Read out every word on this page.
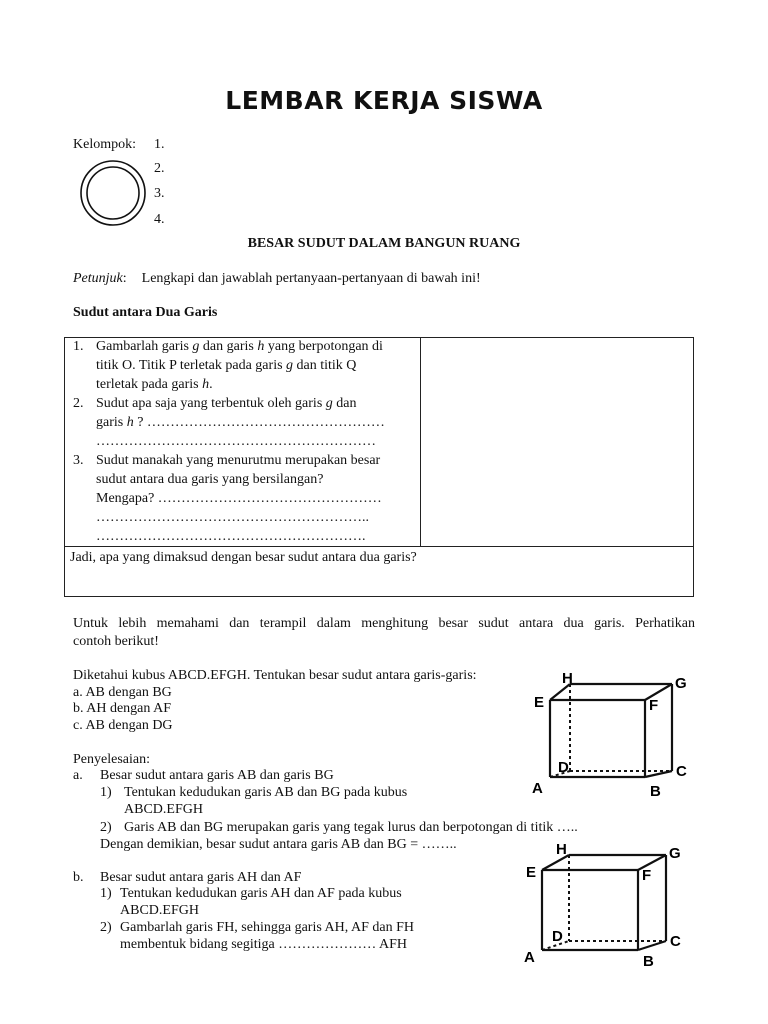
LEMBAR KERJA SISWA
Kelompok: 1.
2.
3.
4.
BESAR SUDUT DALAM BANGUN RUANG
Petunjuk: Lengkapi dan jawablah pertanyaan-pertanyaan di bawah ini!
Sudut antara Dua Garis
1. Gambarlah garis g dan garis h yang berpotongan di
titik O. Titik P terletak pada garis g dan titik Q
terletak pada garis h.
2. Sudut apa saja yang terbentuk oleh garis g dan
garis h ? ……………………………………………
……………………………………………………
3. Sudut manakah yang menurutmu merupakan besar
sudut antara dua garis yang bersilangan?
Mengapa? …………………………………………
…………………………………………………..
………………………………………………….
Jadi, apa yang dimaksud dengan besar sudut antara dua garis?
Untuk lebih memahami dan terampil dalam menghitung besar sudut antara dua garis. Perhatikan
contoh berikut!
Diketahui kubus ABCD.EFGH. Tentukan besar sudut antara garis-garis:
a. AB dengan BG
b. AH dengan AF
c. AB dengan DG
Penyelesaian:
a. Besar sudut antara garis AB dan garis BG
1) Tentukan kedudukan garis AB dan BG pada kubus
ABCD.EFGH
2) Garis AB dan BG merupakan garis yang tegak lurus dan berpotongan di titik …..
Dengan demikian, besar sudut antara garis AB dan BG = ……..
b. Besar sudut antara garis AH dan AF
1) Tentukan kedudukan garis AH dan AF pada kubus
ABCD.EFGH
2) Gambarlah garis FH, sehingga garis AH, AF dan FH
membentuk bidang segitiga ………………… AFH
H	G
E	F
D	C
A	B
H	G
E	F
D	C
A	B
